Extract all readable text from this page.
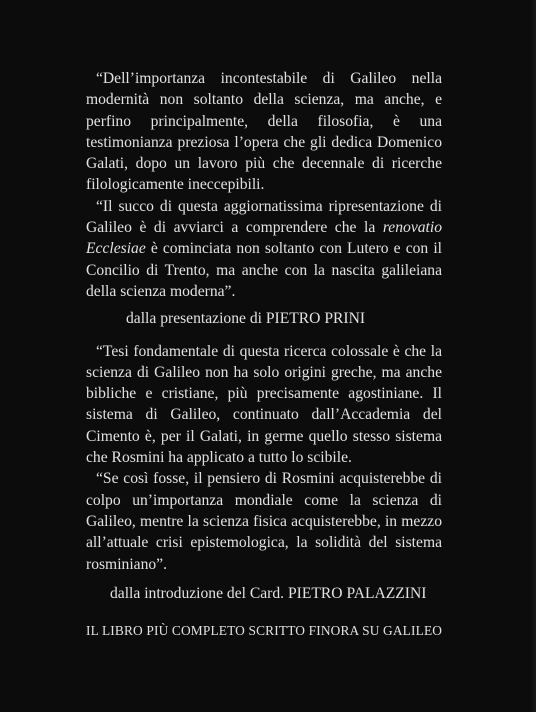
“Dell’importanza incontestabile di Galileo nella modernità non soltanto della scienza, ma anche, e perfino principalmente, della filosofia, è una testimonianza preziosa l’opera che gli dedica Domenico Galati, dopo un lavoro più che decennale di ricerche filologicamente ineccepibili.

“Il succo di questa aggiornatissima ripresentazione di Galileo è di avviarci a comprendere che la renovatio Ecclesiae è cominciata non soltanto con Lutero e con il Concilio di Trento, ma anche con la nascita galileiana della scienza moderna”.

dalla presentazione di PIETRO PRINI

“Tesi fondamentale di questa ricerca colossale è che la scienza di Galileo non ha solo origini greche, ma anche bibliche e cristiane, più precisamente agostiniane. Il sistema di Galileo, continuato dall’Accademia del Cimento è, per il Galati, in germe quello stesso sistema che Rosmini ha applicato a tutto lo scibile.

“Se così fosse, il pensiero di Rosmini acquisterebbe di colpo un’importanza mondiale come la scienza di Galileo, mentre la scienza fisica acquisterebbe, in mezzo all’attuale crisi epistemologica, la solidità del sistema rosminiano”.

dalla introduzione del Card. PIETRO PALAZZINI

IL LIBRO PIÙ COMPLETO SCRITTO FINORA SU GALILEO
